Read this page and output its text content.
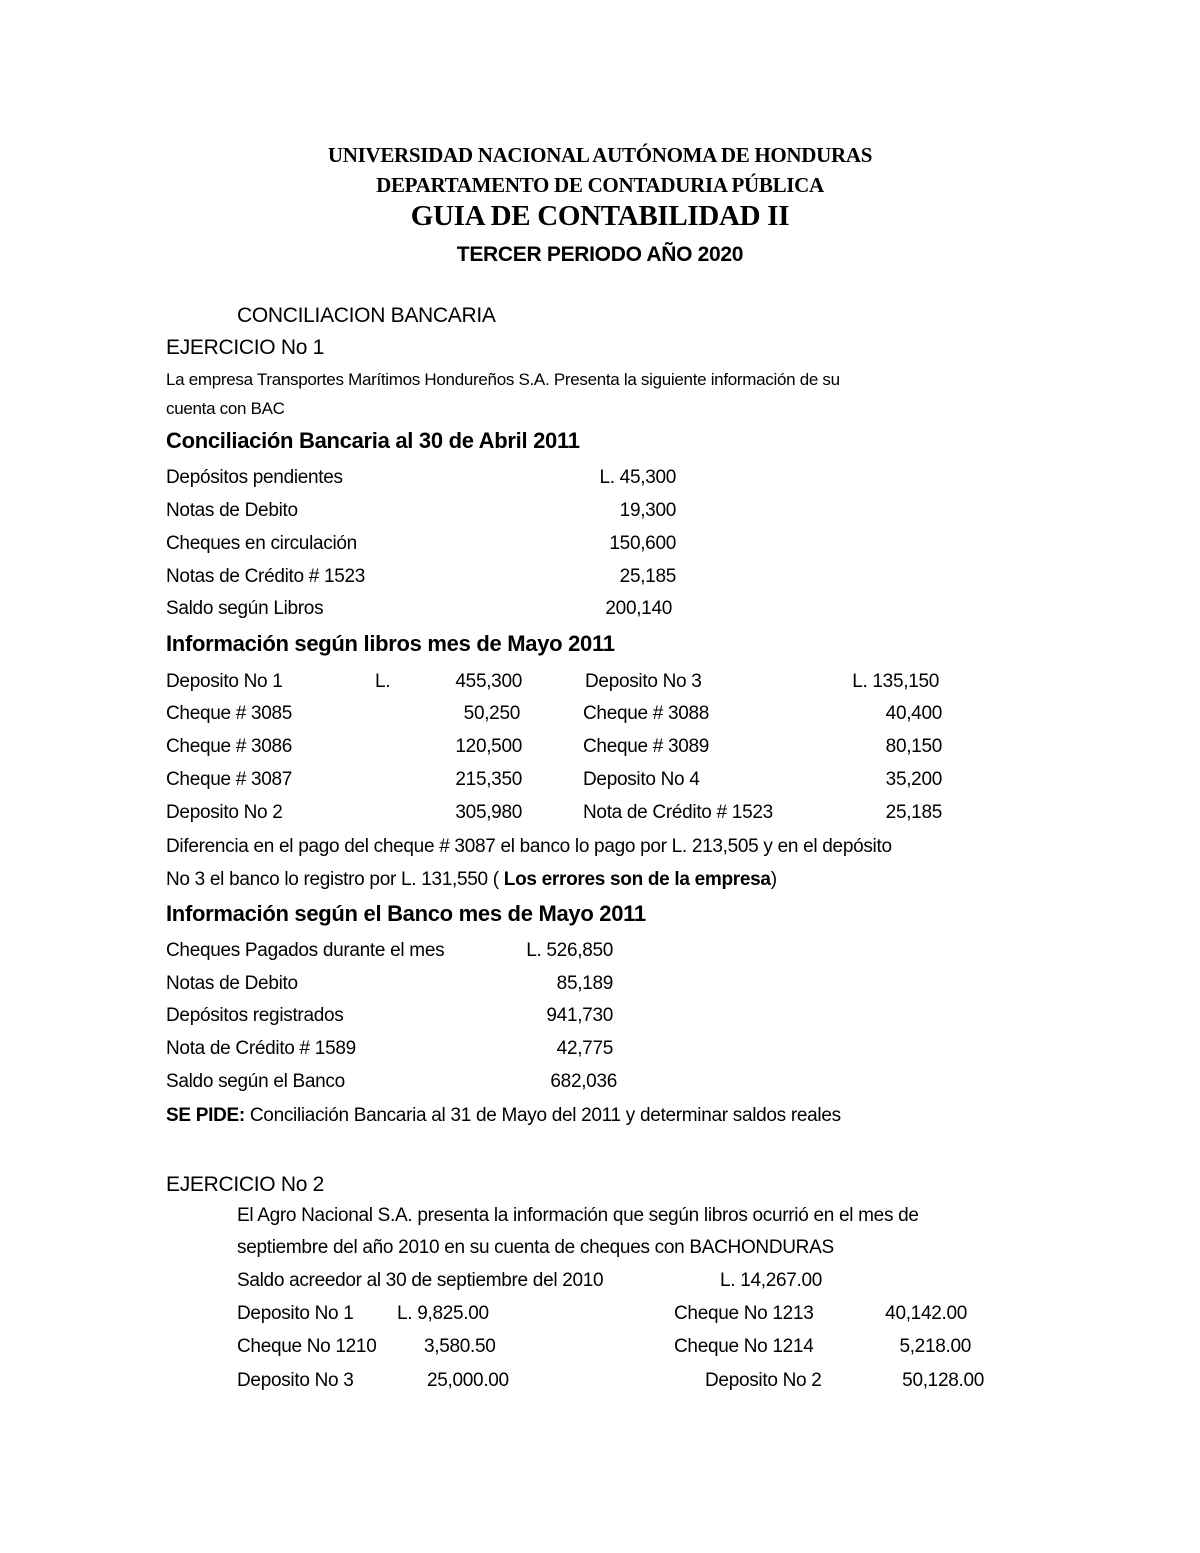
UNIVERSIDAD NACIONAL AUTÓNOMA DE HONDURAS
DEPARTAMENTO DE CONTADURIA PÚBLICA
GUIA DE CONTABILIDAD II
TERCER PERIODO AÑO 2020
CONCILIACION BANCARIA
EJERCICIO No 1
La empresa Transportes Marítimos Hondureños S.A. Presenta la siguiente información de su
cuenta con BAC
Conciliación Bancaria al 30 de Abril 2011
Depósitos pendientes	L. 45,300
Notas de Debito	19,300
Cheques en circulación	150,600
Notas de Crédito # 1523	25,185
Saldo según Libros	200,140
Información según libros mes de Mayo 2011
Deposito No 1	L.	455,300
Cheque # 3085	50,250
Cheque # 3086	120,500
Cheque # 3087	215,350
Deposito No 2	305,980
Deposito No 3	L. 135,150
Cheque # 3088	40,400
Cheque # 3089	80,150
Deposito No 4	35,200
Nota de Crédito # 1523	25,185
Diferencia en el pago del cheque # 3087 el banco lo pago por L. 213,505 y en el depósito
No 3 el banco lo registro por L. 131,550 ( Los errores son de la empresa)
Información según el Banco mes de Mayo 2011
Cheques Pagados durante el mes	L. 526,850
Notas de Debito	85,189
Depósitos registrados	941,730
Nota de Crédito # 1589	42,775
Saldo según el Banco	682,036
SE PIDE: Conciliación Bancaria al 31 de Mayo del 2011 y determinar saldos reales
EJERCICIO No 2
El Agro Nacional S.A. presenta la información que según libros ocurrió en el mes de
septiembre del año 2010 en su cuenta de cheques con BACHONDURAS
Saldo acreedor al 30 de septiembre del 2010	L. 14,267.00
Deposito No 1 L. 9,825.00
Cheque No 1210	3,580.50
Deposito No 3	25,000.00
Cheque No 1213	40,142.00
Cheque No 1214	5,218.00
Deposito No 2	50,128.00
